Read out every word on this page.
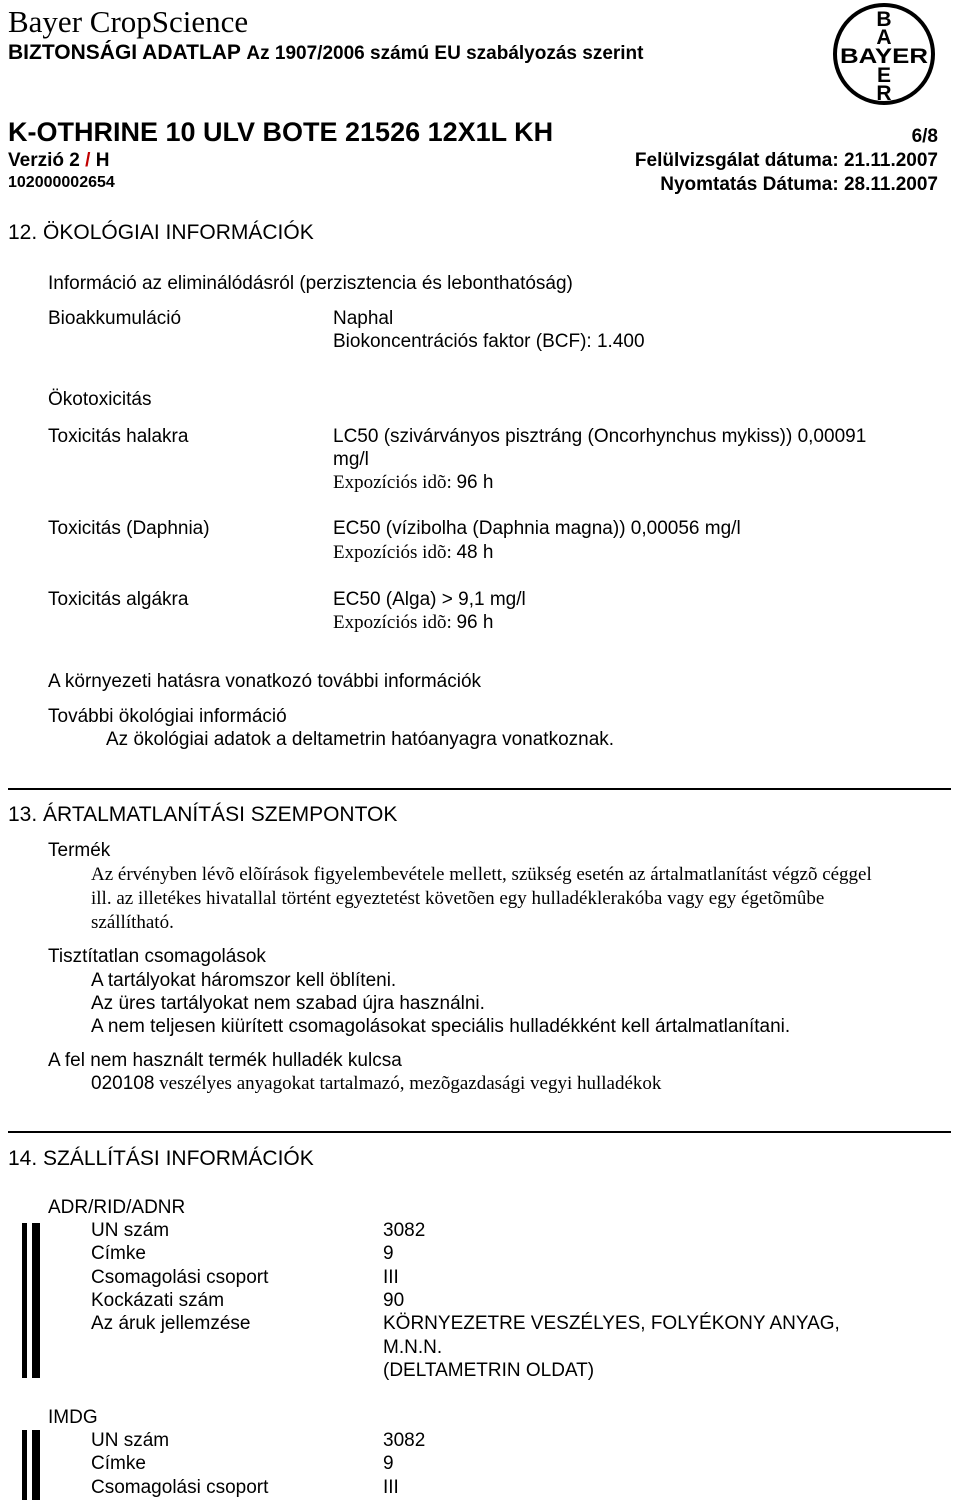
Bayer CropScience
BIZTONSÁGI ADATLAP Az 1907/2006 számú EU szabályozás szerint
B
A
BAYER
E
R
K-OTHRINE 10 ULV BOTE 21526 12X1L KH	6/8
Verzió 2 / H	Felülvizsgálat dátuma: 21.11.2007
102000002654	Nyomtatás Dátuma: 28.11.2007
12. ÖKOLÓGIAI INFORMÁCIÓK
Információ az eliminálódásról (perzisztencia és lebonthatóság)
Bioakkumuláció	Naphal
Biokoncentrációs faktor (BCF): 1.400
Ökotoxicitás
Toxicitás halakra	LC50 (szivárványos pisztráng (Oncorhynchus mykiss)) 0,00091
mg/l
Expozíciós idõ: 96 h
Toxicitás (Daphnia)	EC50 (vízibolha (Daphnia magna)) 0,00056 mg/l
Expozíciós idõ: 48 h
Toxicitás algákra	EC50 (Alga) > 9,1 mg/l
Expozíciós idõ: 96 h
A környezeti hatásra vonatkozó további információk
További ökológiai információ
Az ökológiai adatok a deltametrin hatóanyagra vonatkoznak.
13. ÁRTALMATLANÍTÁSI SZEMPONTOK
Termék
Az érvényben lévõ elõírások figyelembevétele mellett, szükség esetén az ártalmatlanítást végzõ céggel
ill. az illetékes hivatallal történt egyeztetést követõen egy hulladéklerakóba vagy egy égetõmûbe
szállítható.
Tisztítatlan csomagolások
A tartályokat háromszor kell öblíteni.
Az üres tartályokat nem szabad újra használni.
A nem teljesen kiürített csomagolásokat speciális hulladékként kell ártalmatlanítani.
A fel nem használt termék hulladék kulcsa
020108 veszélyes anyagokat tartalmazó, mezõgazdasági vegyi hulladékok
14. SZÁLLÍTÁSI INFORMÁCIÓK
ADR/RID/ADNR
UN szám	3082
Címke	9
Csomagolási csoport	III
Kockázati szám	90
Az áruk jellemzése	KÖRNYEZETRE VESZÉLYES, FOLYÉKONY ANYAG,
M.N.N.
(DELTAMETRIN OLDAT)
IMDG
UN szám	3082
Címke	9
Csomagolási csoport	III
